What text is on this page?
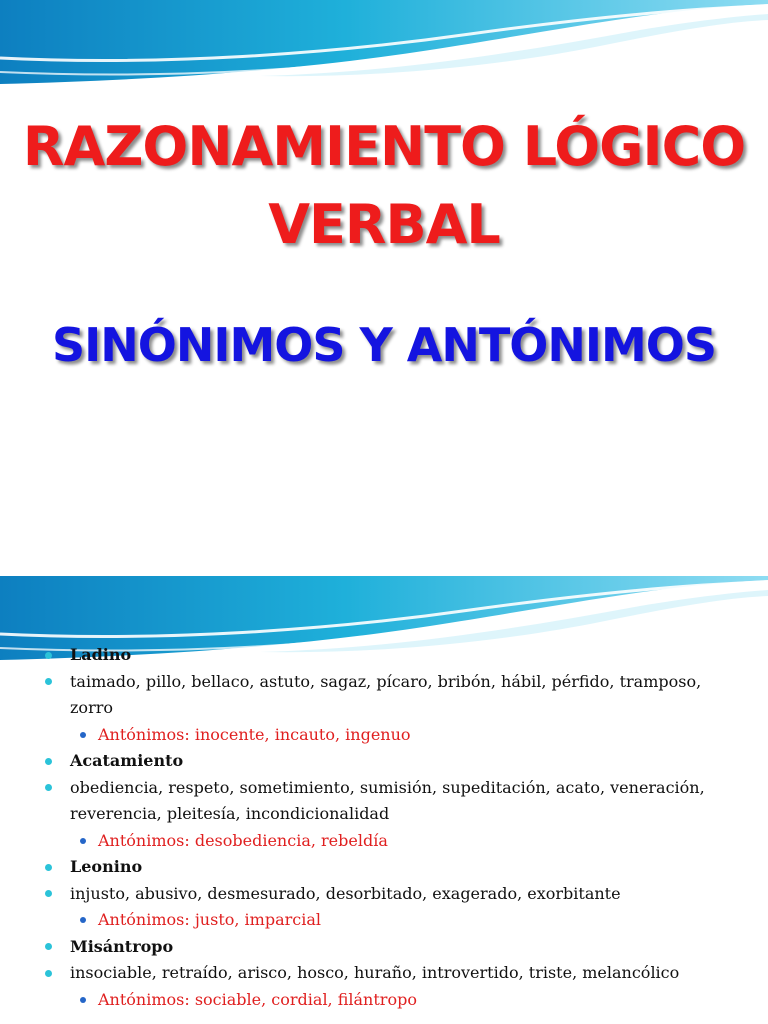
RAZONAMIENTO LÓGICO VERBAL
SINÓNIMOS Y ANTÓNIMOS
Ladino
taimado, pillo, bellaco, astuto, sagaz, pícaro, bribón, hábil, pérfido, tramposo, zorro
Antónimos: inocente, incauto, ingenuo
Acatamiento
obediencia, respeto, sometimiento, sumisión, supeditación, acato, veneración, reverencia, pleitesía, incondicionalidad
Antónimos: desobediencia, rebeldía
Leonino
injusto, abusivo, desmesurado, desorbitado, exagerado, exorbitante
Antónimos: justo, imparcial
Misántropo
insociable, retraído, arisco, hosco, huraño, introvertido, triste, melancólico
Antónimos: sociable, cordial, filántropo
